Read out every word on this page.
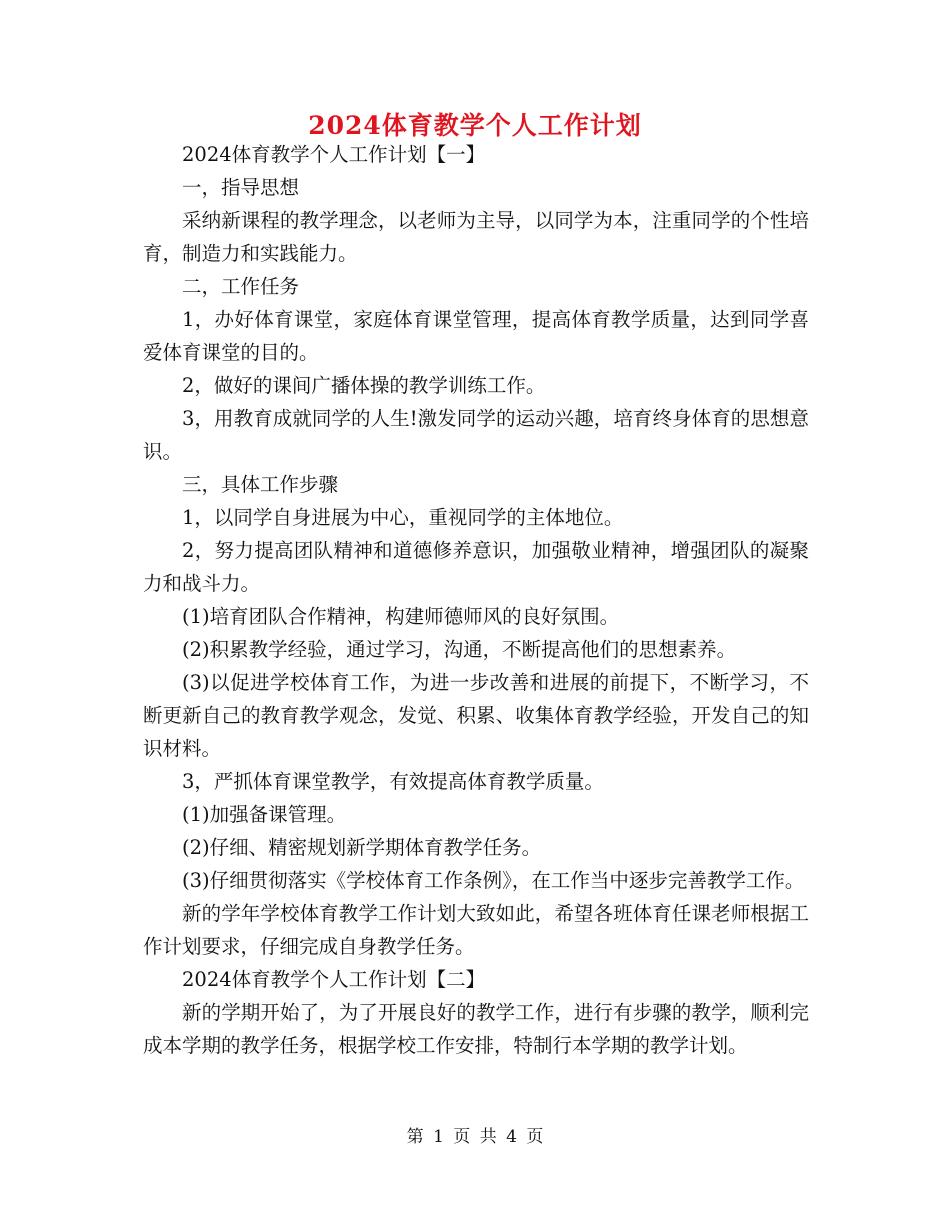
2024体育教学个人工作计划

2024体育教学个人工作计划【一】

一，指导思想

采纳新课程的教学理念，以老师为主导，以同学为本，注重同学的个性培育，制造力和实践能力。

二，工作任务

1，办好体育课堂，家庭体育课堂管理，提高体育教学质量，达到同学喜爱体育课堂的目的。

2，做好的课间广播体操的教学训练工作。

3，用教育成就同学的人生!激发同学的运动兴趣，培育终身体育的思想意识。

三，具体工作步骤

1，以同学自身进展为中心，重视同学的主体地位。

2，努力提高团队精神和道德修养意识，加强敬业精神，增强团队的凝聚力和战斗力。

(1)培育团队合作精神，构建师德师风的良好氛围。

(2)积累教学经验，通过学习，沟通，不断提高他们的思想素养。

(3)以促进学校体育工作，为进一步改善和进展的前提下，不断学习，不断更新自己的教育教学观念，发觉、积累、收集体育教学经验，开发自己的知识材料。

3，严抓体育课堂教学，有效提高体育教学质量。

(1)加强备课管理。

(2)仔细、精密规划新学期体育教学任务。

(3)仔细贯彻落实《学校体育工作条例》，在工作当中逐步完善教学工作。

新的学年学校体育教学工作计划大致如此，希望各班体育任课老师根据工作计划要求，仔细完成自身教学任务。

2024体育教学个人工作计划【二】

新的学期开始了，为了开展良好的教学工作，进行有步骤的教学，顺利完成本学期的教学任务，根据学校工作安排，特制行本学期的教学计划。

第 1 页 共 4 页
